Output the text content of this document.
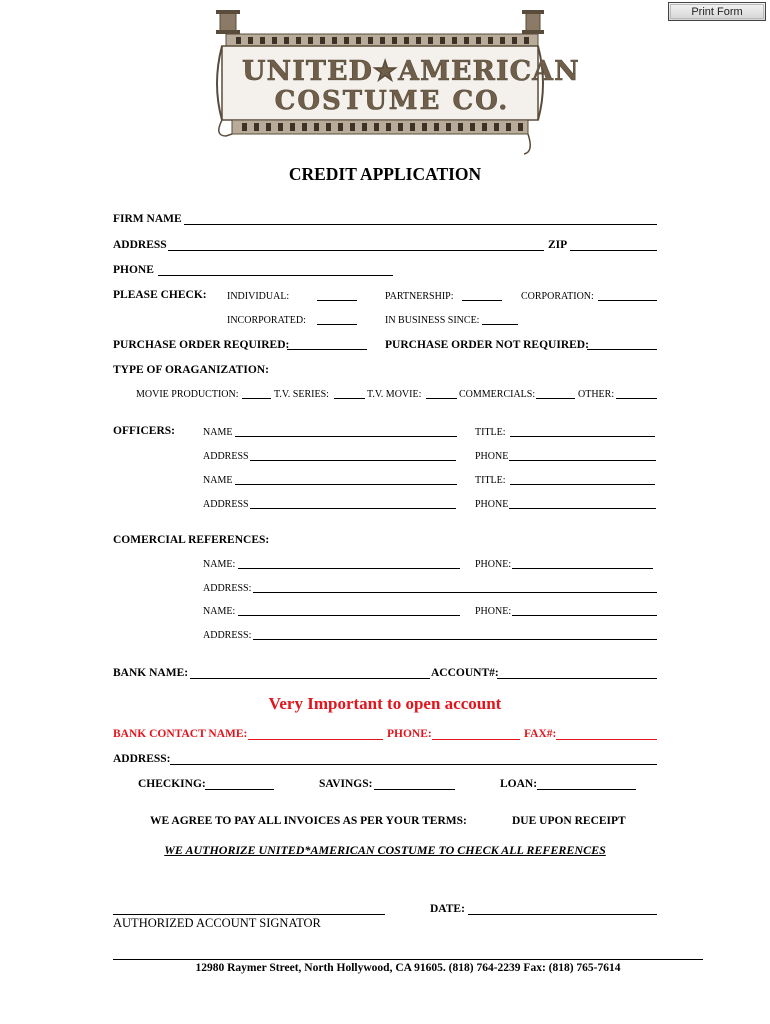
Print Form
UNITED★AMERICAN
COSTUME CO.
CREDIT APPLICATION
FIRM NAME
ADDRESS	ZIP
PHONE
PLEASE CHECK: INDIVIDUAL:	PARTNERSHIP:	CORPORATION:
INCORPORATED:	IN BUSINESS SINCE:
PURCHASE ORDER REQUIRED:	PURCHASE ORDER NOT REQUIRED:
TYPE OF ORAGANIZATION:
MOVIE PRODUCTION:	T.V. SERIES:	T.V. MOVIE:	COMMERCIALS:	OTHER:
OFFICERS:	NAME	TITLE:
ADDRESS	PHONE
NAME	TITLE:
ADDRESS	PHONE
COMERCIAL REFERENCES:
NAME:	PHONE:
ADDRESS:
NAME:	PHONE:
ADDRESS:
BANK NAME:	ACCOUNT#:
Very Important to open account
BANK CONTACT NAME:	PHONE:	FAX#:
ADDRESS:
CHECKING:	SAVINGS:	LOAN:
WE AGREE TO PAY ALL INVOICES AS PER YOUR TERMS:	DUE UPON RECEIPT
WE AUTHORIZE UNITED*AMERICAN COSTUME TO CHECK ALL REFERENCES
AUTHORIZED ACCOUNT SIGNATOR
DATE:
12980 Raymer Street, North Hollywood, CA 91605. (818) 764-2239 Fax: (818) 765-7614
